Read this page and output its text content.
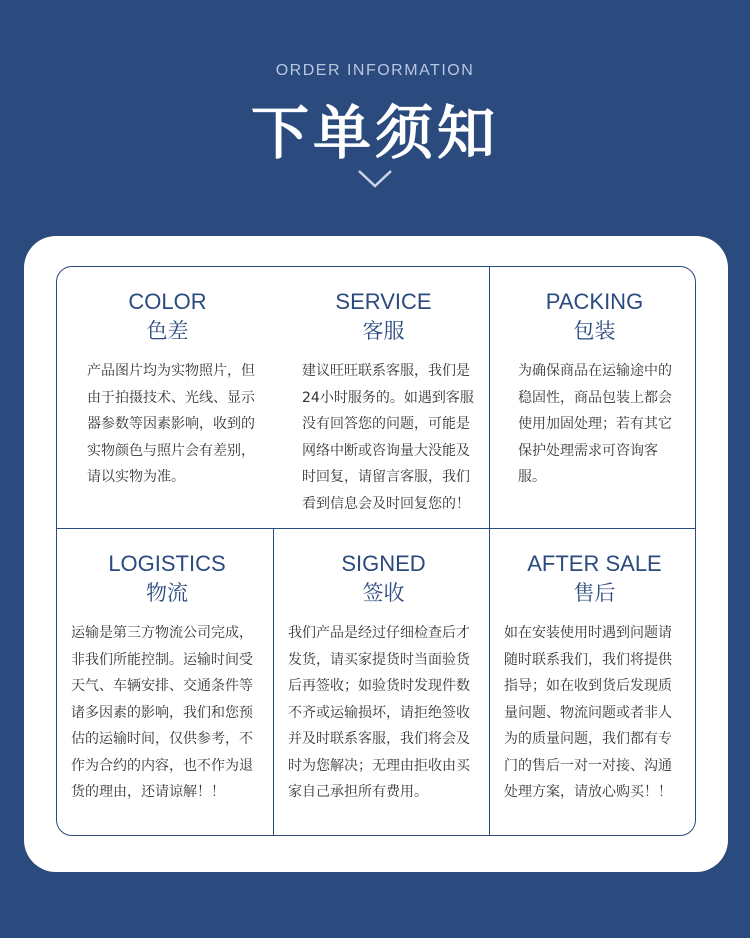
ORDER INFORMATION
下单须知
COLOR
色差

产品图片均为实物照片，但由于拍摄技术、光线、显示器参数等因素影响，收到的实物颜色与照片会有差别，请以实物为准。

SERVICE
客服

建议旺旺联系客服，我们是24小时服务的。如遇到客服没有回答您的问题，可能是网络中断或咨询量大没能及时回复，请留言客服，我们看到信息会及时回复您的！

PACKING
包装

为确保商品在运输途中的稳固性，商品包装上都会使用加固处理；若有其它保护处理需求可咨询客服。

LOGISTICS
物流

运输是第三方物流公司完成，非我们所能控制。运输时间受天气、车辆安排、交通条件等诸多因素的影响，我们和您预估的运输时间，仅供参考，不作为合约的内容，也不作为退货的理由，还请谅解！！

SIGNED
签收

我们产品是经过仔细检查后才发货，请买家提货时当面验货后再签收；如验货时发现件数不齐或运输损坏，请拒绝签收并及时联系客服，我们将会及时为您解决；无理由拒收由买家自己承担所有费用。

AFTER SALE
售后

如在安装使用时遇到问题请随时联系我们，我们将提供指导；如在收到货后发现质量问题、物流问题或者非人为的质量问题，我们都有专门的售后一对一对接、沟通处理方案，请放心购买！！
